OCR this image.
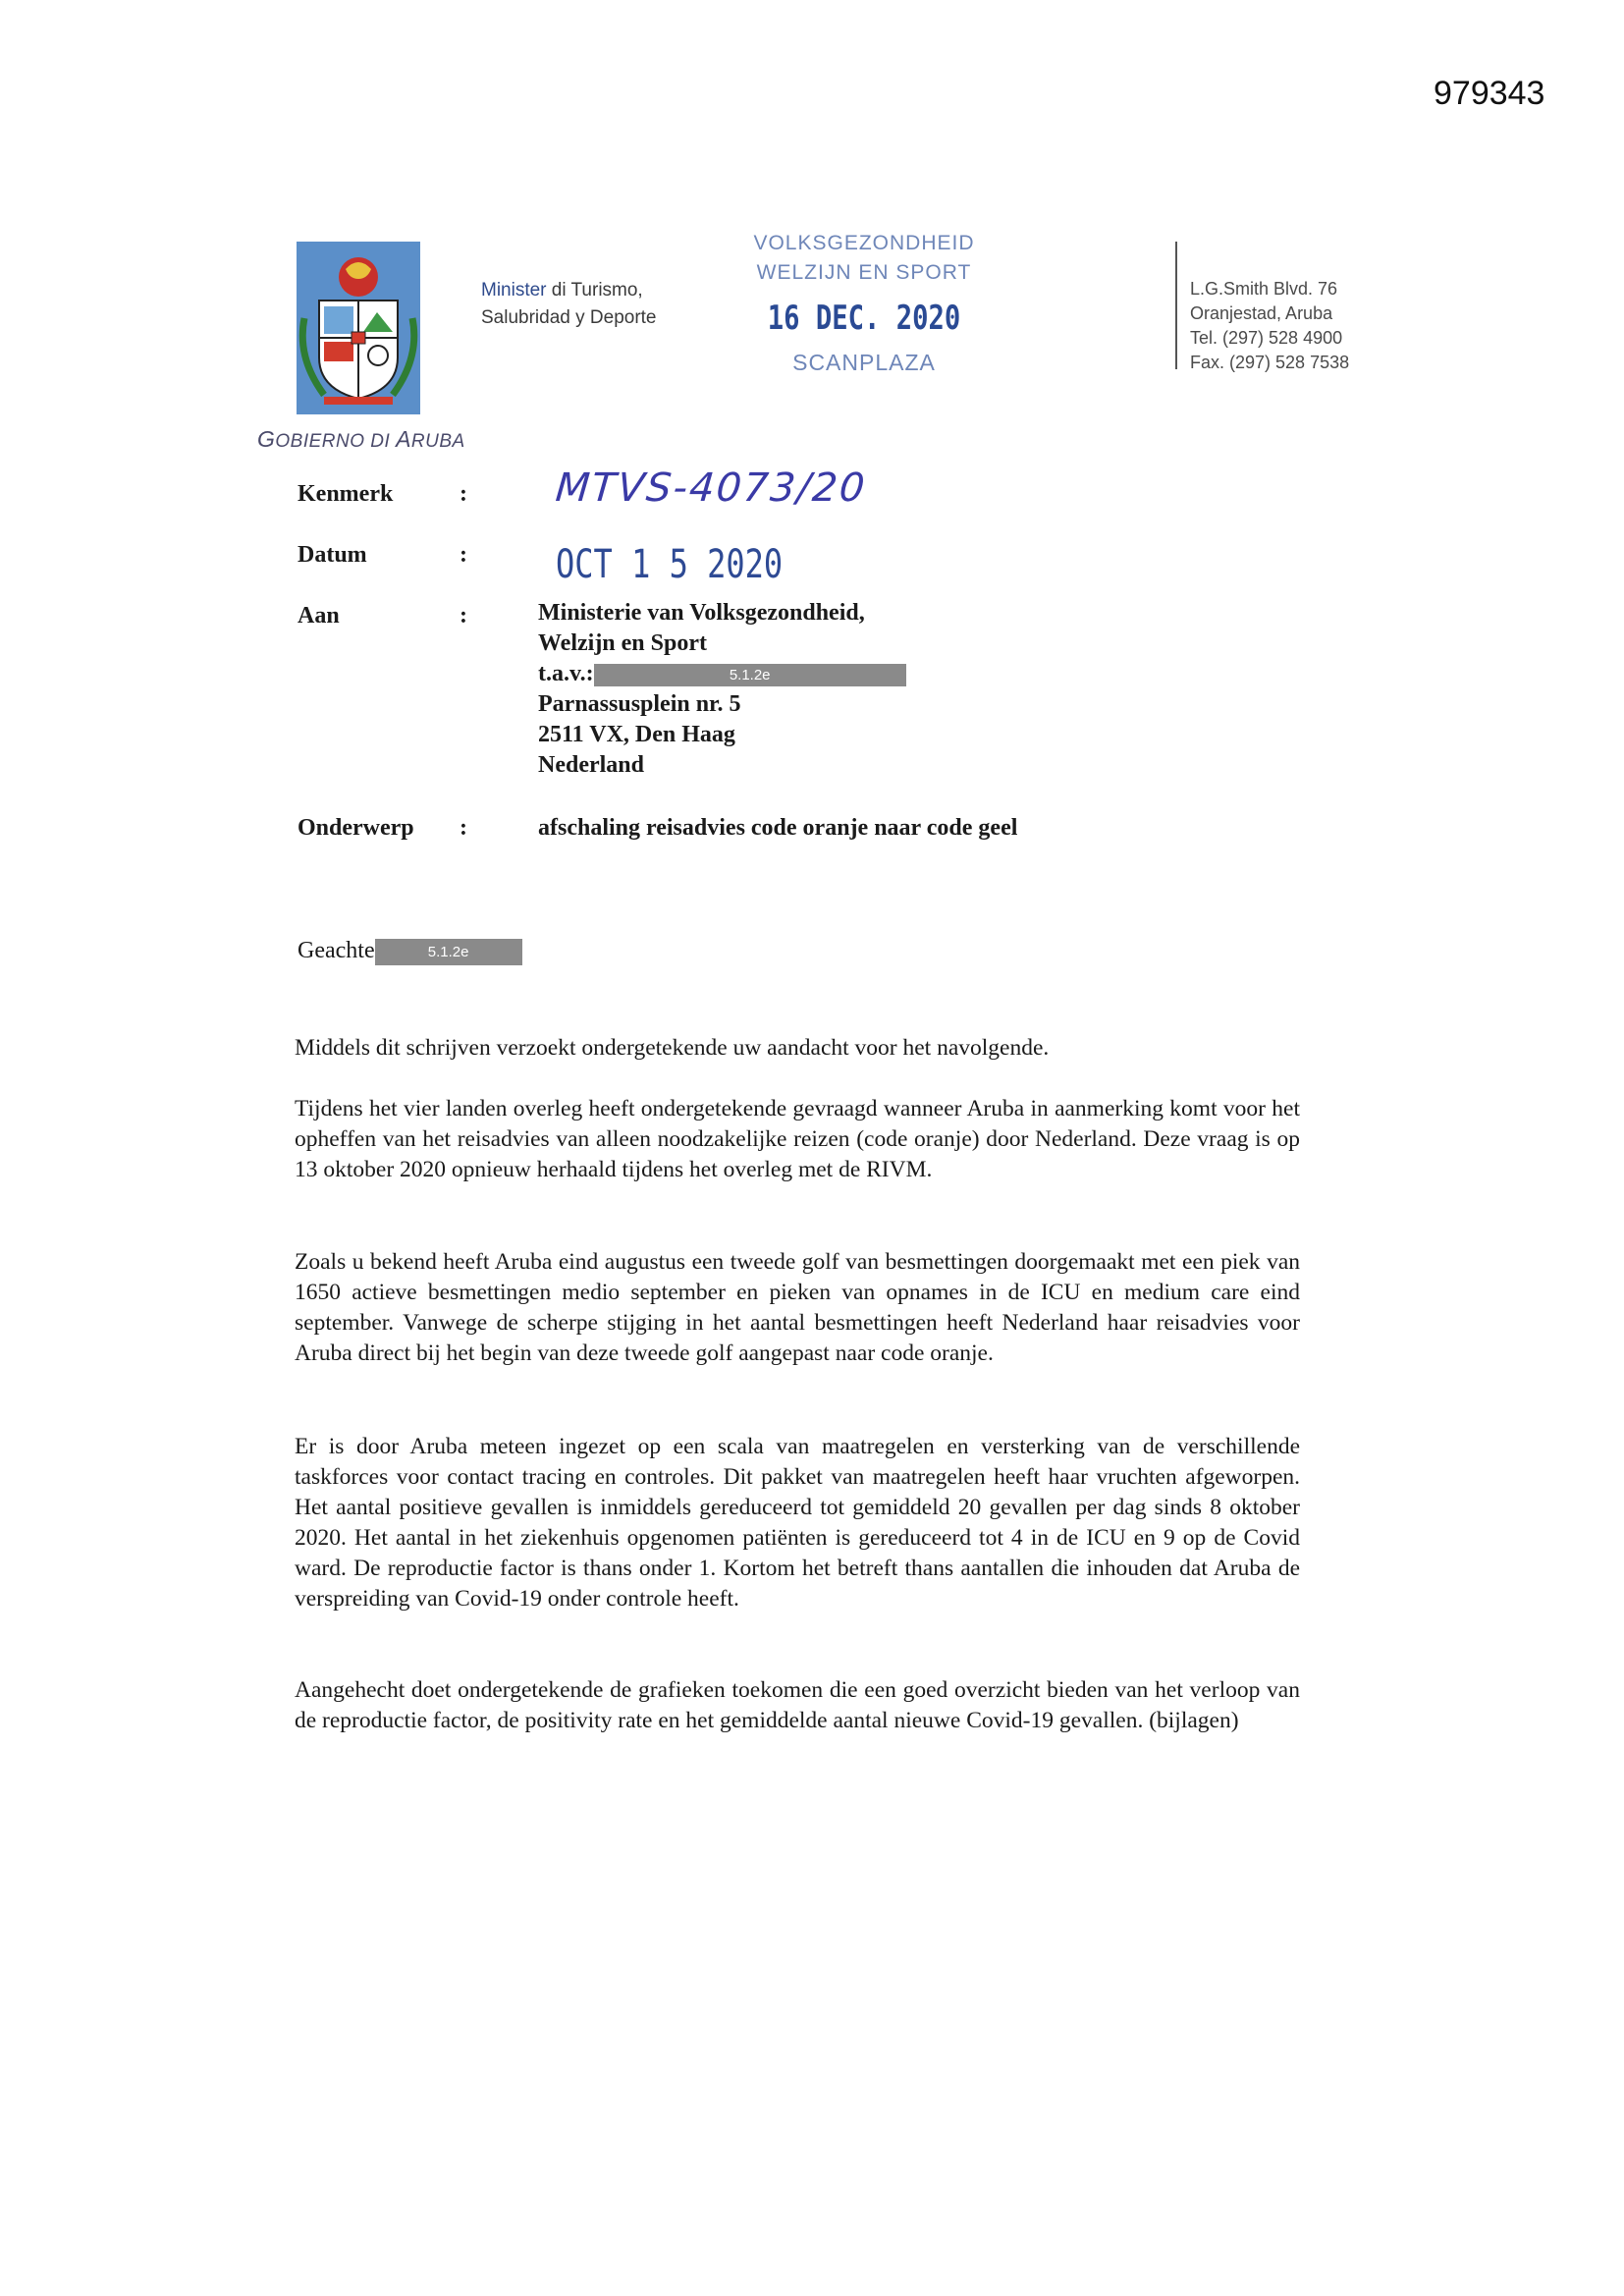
979343
GOBIERNO DI ARUBA
Minister di Turismo,
Salubridad y Deporte
VOLKSGEZONDHEID
WELZIJN EN SPORT
16 DEC. 2020
SCANPLAZA
L.G.Smith Blvd. 76
Oranjestad, Aruba
Tel. (297) 528 4900
Fax. (297) 528 7538
Kenmerk	: MTVS-4073/20
Datum	: OCT 1 5 2020
Aan	:	Ministerie van Volksgezondheid,
Welzijn en Sport
t.a.v.:	5.1.2e
Parnassusplein nr. 5
2511 VX, Den Haag
Nederland
Onderwerp :	afschaling reisadvies code oranje naar code geel
Geachte	5.1.2e
Middels dit schrijven verzoekt ondergetekende uw aandacht voor het navolgende.
Tijdens het vier landen overleg heeft ondergetekende gevraagd wanneer Aruba in aanmerking komt voor het opheffen van het reisadvies van alleen noodzakelijke reizen (code oranje) door Nederland. Deze vraag is op 13 oktober 2020 opnieuw herhaald tijdens het overleg met de RIVM.
Zoals u bekend heeft Aruba eind augustus een tweede golf van besmettingen doorgemaakt met een piek van 1650 actieve besmettingen medio september en pieken van opnames in de ICU en medium care eind september. Vanwege de scherpe stijging in het aantal besmettingen heeft Nederland haar reisadvies voor Aruba direct bij het begin van deze tweede golf aangepast naar code oranje.
Er is door Aruba meteen ingezet op een scala van maatregelen en versterking van de verschillende taskforces voor contact tracing en controles. Dit pakket van maatregelen heeft haar vruchten afgeworpen. Het aantal positieve gevallen is inmiddels gereduceerd tot gemiddeld 20 gevallen per dag sinds 8 oktober 2020. Het aantal in het ziekenhuis opgenomen patiënten is gereduceerd tot 4 in de ICU en 9 op de Covid ward. De reproductie factor is thans onder 1. Kortom het betreft thans aantallen die inhouden dat Aruba de verspreiding van Covid-19 onder controle heeft.
Aangehecht doet ondergetekende de grafieken toekomen die een goed overzicht bieden van het verloop van de reproductie factor, de positivity rate en het gemiddelde aantal nieuwe Covid-19 gevallen. (bijlagen)
